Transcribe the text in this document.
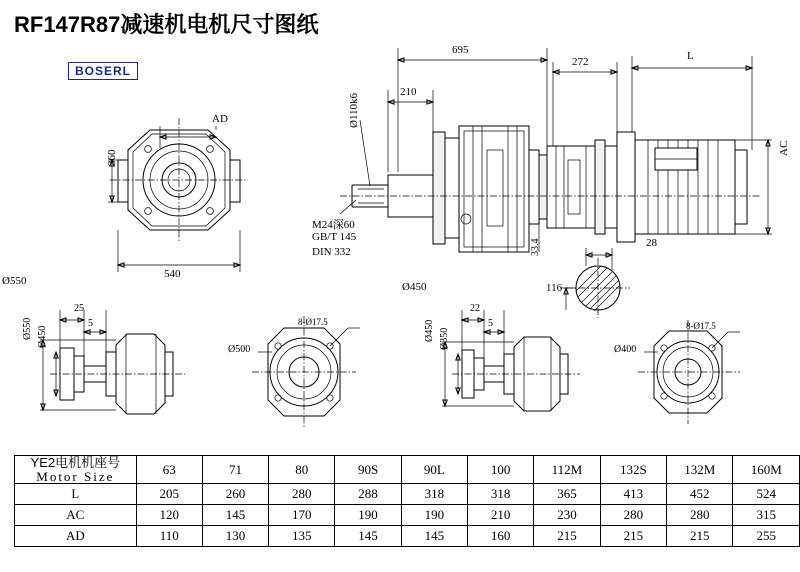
RF147R87减速机电机尺寸图纸
BOSERL
695
272	L
210
Ø110k6
33.4
AC
AD
360
540
28
116
Ø550	Ø450
25
5
Ø550 Ø450
Ø500
8-Ø17.5
22
5
Ø450 Ø350	Ø400
8-Ø17.5
M24深60
GB/T 145
DIN 332
YE2电机机座号
Motor Size	63	71	80	90S	90L	100	112M	132S	132M	160M
L	205	260	280	288	318	318	365	413	452	524
AC	120	145	170	190	190	210	230	280	280	315
AD	110	130	135	145	145	160	215	215	215	255
